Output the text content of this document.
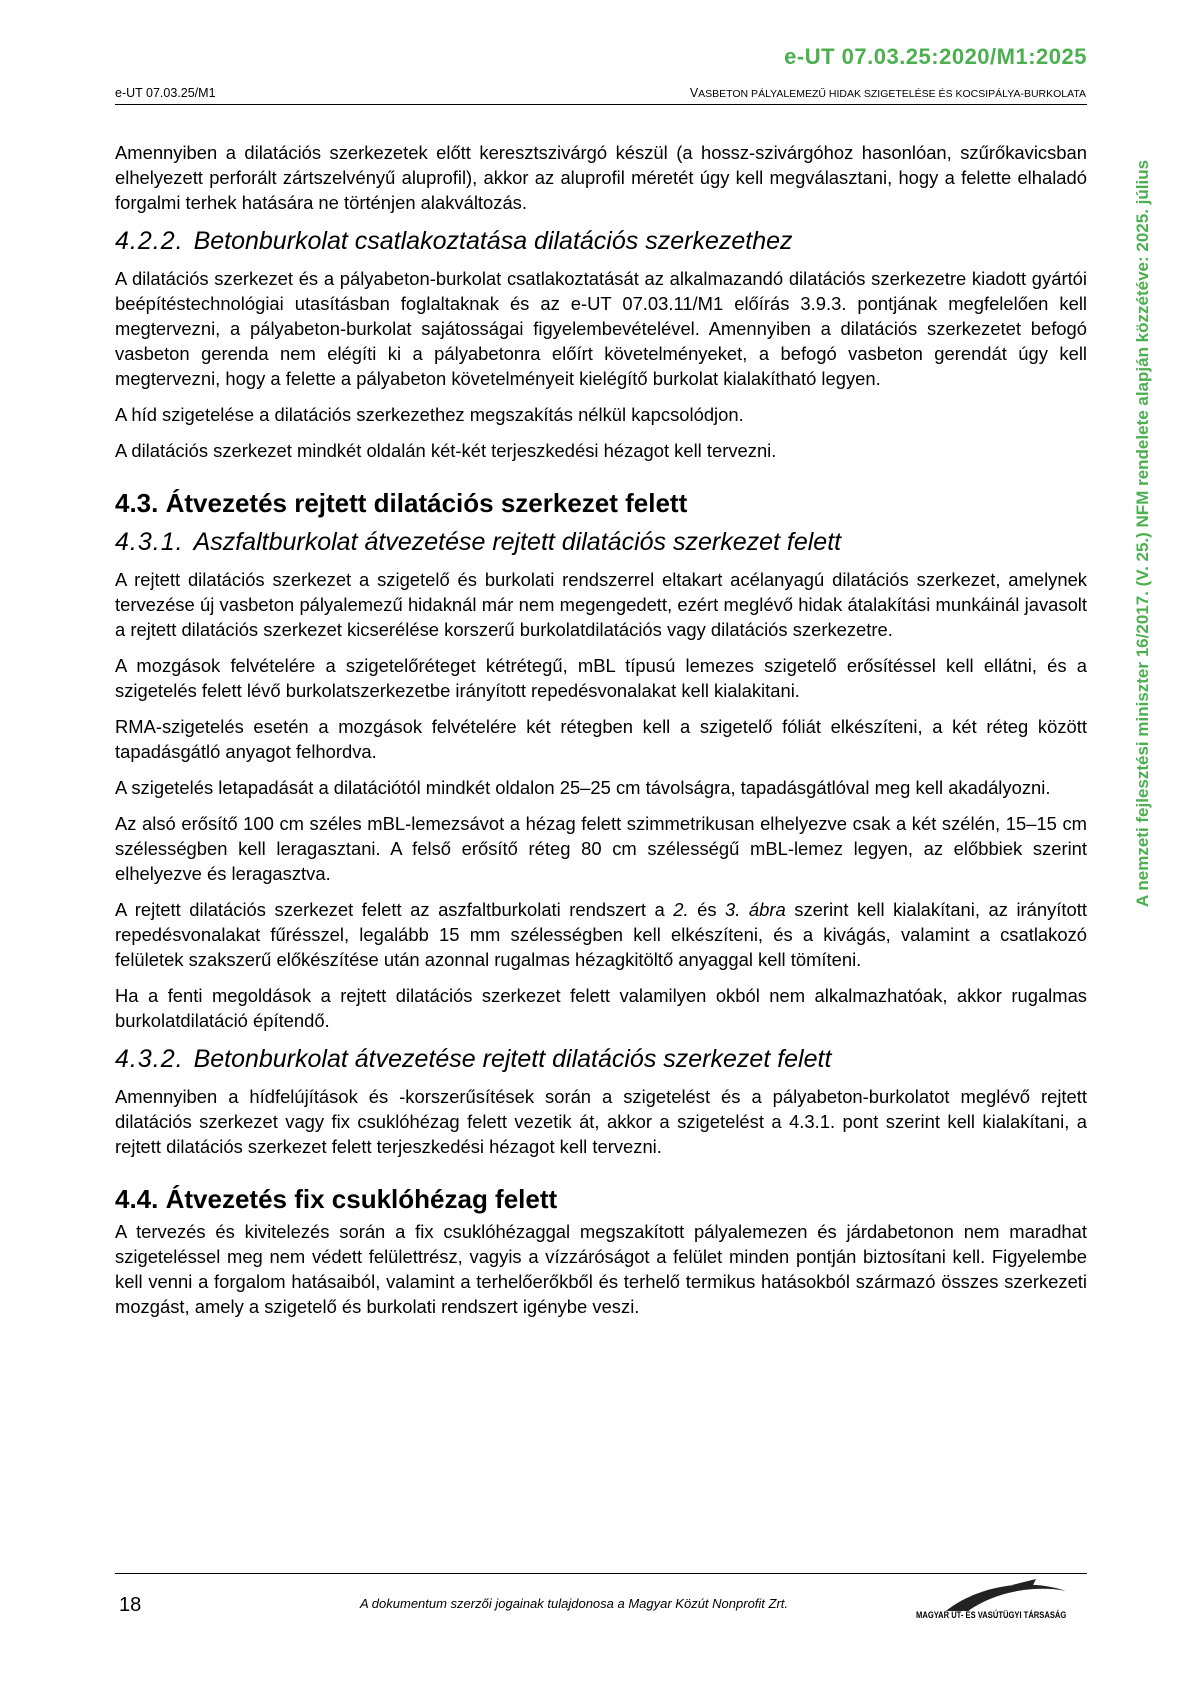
e-UT 07.03.25:2020/M1:2025
e-UT 07.03.25/M1	VASBETON PÁLYALEMEZŰ HIDAK SZIGETELÉSE ÉS KOCSIPÁLYA-BURKOLATA
A nemzeti fejlesztési miniszter 16/2017. (V. 25.) NFM rendelete alapján közzétéve: 2025. július

Amennyiben a dilatációs szerkezetek előtt keresztszivárgó készül (a hossz-szivárgóhoz hasonlóan, szűrőkavicsban elhelyezett perforált zártszelvényű aluprofil), akkor az aluprofil méretét úgy kell megválasztani, hogy a felette elhaladó forgalmi terhek hatására ne történjen alakváltozás.

4.2.2. Betonburkolat csatlakoztatása dilatációs szerkezethez

A dilatációs szerkezet és a pályabeton-burkolat csatlakoztatását az alkalmazandó dilatációs szerkezetre kiadott gyártói beépítéstechnológiai utasításban foglaltaknak és az e-UT 07.03.11/M1 előírás 3.9.3. pontjának megfelelően kell megtervezni, a pályabeton-burkolat sajátosságai figyelembevételével. Amennyiben a dilatációs szerkezetet befogó vasbeton gerenda nem elégíti ki a pályabetonra előírt követelményeket, a befogó vasbeton gerendát úgy kell megtervezni, hogy a felette a pályabeton követelményeit kielégítő burkolat kialakítható legyen.

A híd szigetelése a dilatációs szerkezethez megszakítás nélkül kapcsolódjon.

A dilatációs szerkezet mindkét oldalán két-két terjeszkedési hézagot kell tervezni.

4.3. Átvezetés rejtett dilatációs szerkezet felett
4.3.1. Aszfaltburkolat átvezetése rejtett dilatációs szerkezet felett

A rejtett dilatációs szerkezet a szigetelő és burkolati rendszerrel eltakart acélanyagú dilatációs szerkezet, amelynek tervezése új vasbeton pályalemezű hidaknál már nem megengedett, ezért meglévő hidak átalakítási munkáinál javasolt a rejtett dilatációs szerkezet kicserélése korszerű burkolatdilatációs vagy dilatációs szerkezetre.

A mozgások felvételére a szigetelőréteget kétrétegű, mBL típusú lemezes szigetelő erősítéssel kell ellátni, és a szigetelés felett lévő burkolatszerkezetbe irányított repedésvonalakat kell kialakitani.

RMA-szigetelés esetén a mozgások felvételére két rétegben kell a szigetelő fóliát elkészíteni, a két réteg között tapadásgátló anyagot felhordva.

A szigetelés letapadását a dilatációtól mindkét oldalon 25–25 cm távolságra, tapadásgátlóval meg kell akadályozni.

Az alsó erősítő 100 cm széles mBL-lemezsávot a hézag felett szimmetrikusan elhelyezve csak a két szélén, 15–15 cm szélességben kell leragasztani. A felső erősítő réteg 80 cm szélességű mBL-lemez legyen, az előbbiek szerint elhelyezve és leragasztva.

A rejtett dilatációs szerkezet felett az aszfaltburkolati rendszert a 2. és 3. ábra szerint kell kialakítani, az irányított repedésvonalakat fűrésszel, legalább 15 mm szélességben kell elkészíteni, és a kivágás, valamint a csatlakozó felületek szakszerű előkészítése után azonnal rugalmas hézagkitöltő anyaggal kell tömíteni.

Ha a fenti megoldások a rejtett dilatációs szerkezet felett valamilyen okból nem alkalmazhatóak, akkor rugalmas burkolatdilatáció építendő.

4.3.2. Betonburkolat átvezetése rejtett dilatációs szerkezet felett

Amennyiben a hídfelújítások és -korszerűsítések során a szigetelést és a pályabeton-burkolatot meglévő rejtett dilatációs szerkezet vagy fix csuklóhézag felett vezetik át, akkor a szigetelést a 4.3.1. pont szerint kell kialakítani, a rejtett dilatációs szerkezet felett terjeszkedési hézagot kell tervezni.

4.4. Átvezetés fix csuklóhézag felett

A tervezés és kivitelezés során a fix csuklóhézaggal megszakított pályalemezen és járdabetonon nem maradhat szigeteléssel meg nem védett felülettrész, vagyis a vízzáróságot a felület minden pontján biztosítani kell. Figyelembe kell venni a forgalom hatásaiból, valamint a terhelőerőkből és terhelő termikus hatásokból származó összes szerkezeti mozgást, amely a szigetelő és burkolati rendszert igénybe veszi.

18	A dokumentum szerzői jogainak tulajdonosa a Magyar Közút Nonprofit Zrt.
MAGYAR ÚT- ÉS VASÚTÜGYI TÁRSASÁG
